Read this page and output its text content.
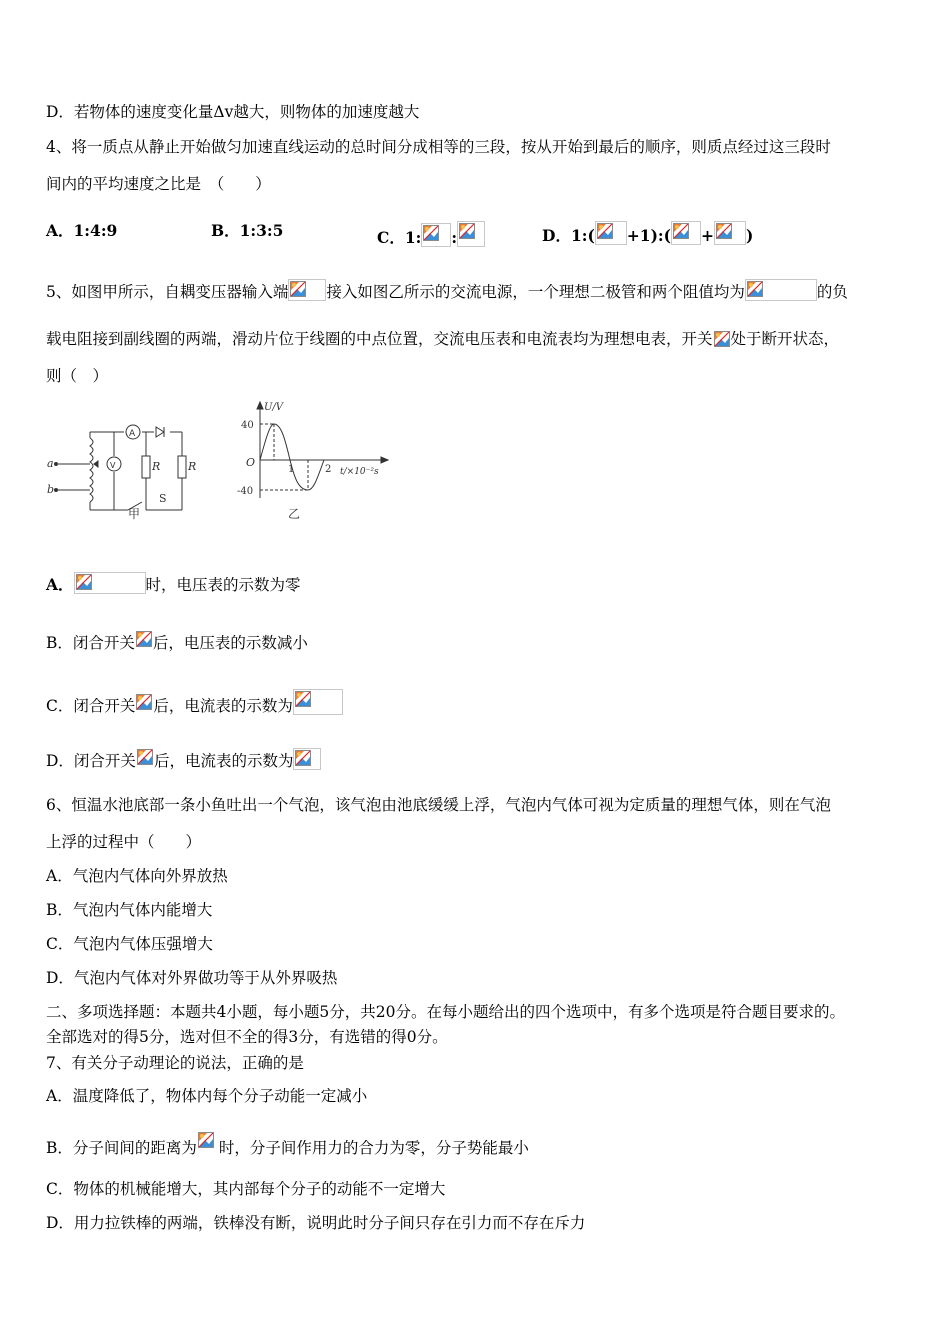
D．若物体的速度变化量Δv越大，则物体的加速度越大
4、将一质点从静止开始做匀加速直线运动的总时间分成相等的三段，按从开始到最后的顺序，则质点经过这三段时
间内的平均速度之比是　（　　）
A．1:4:9	B．1:3:5	C．1: :	D．1:( +1):( + )
5、如图甲所示，自耦变压器输入端 接入如图乙所示的交流电源，一个理想二极管和两个阻值均为	的负
载电阻接到副线圈的两端，滑动片位于线圈的中点位置，交流电压表和电流表均为理想电表，开关 处于断开状态，
则（　）
V
A
a
b
R	R
S
甲
U/V
40
-40
O
1	2 t/×10⁻²s
乙
A．	时，电压表的示数为零
B．闭合开关 后，电压表的示数减小
C．闭合开关 后，电流表的示数为
D．闭合开关 后，电流表的示数为
6、恒温水池底部一条小鱼吐出一个气泡，该气泡由池底缓缓上浮，气泡内气体可视为定质量的理想气体，则在气泡
上浮的过程中（　　）
A．气泡内气体向外界放热
B．气泡内气体内能增大
C．气泡内气体压强增大
D．气泡内气体对外界做功等于从外界吸热
二、多项选择题：本题共4小题，每小题5分，共20分。在每小题给出的四个选项中，有多个选项是符合题目要求的。
全部选对的得5分，选对但不全的得3分，有选错的得0分。
7、有关分子动理论的说法，正确的是
A．温度降低了，物体内每个分子动能一定减小
B．分子间间的距离为 时，分子间作用力的合力为零，分子势能最小
C．物体的机械能增大，其内部每个分子的动能不一定增大
D．用力拉铁棒的两端，铁棒没有断，说明此时分子间只存在引力而不存在斥力
